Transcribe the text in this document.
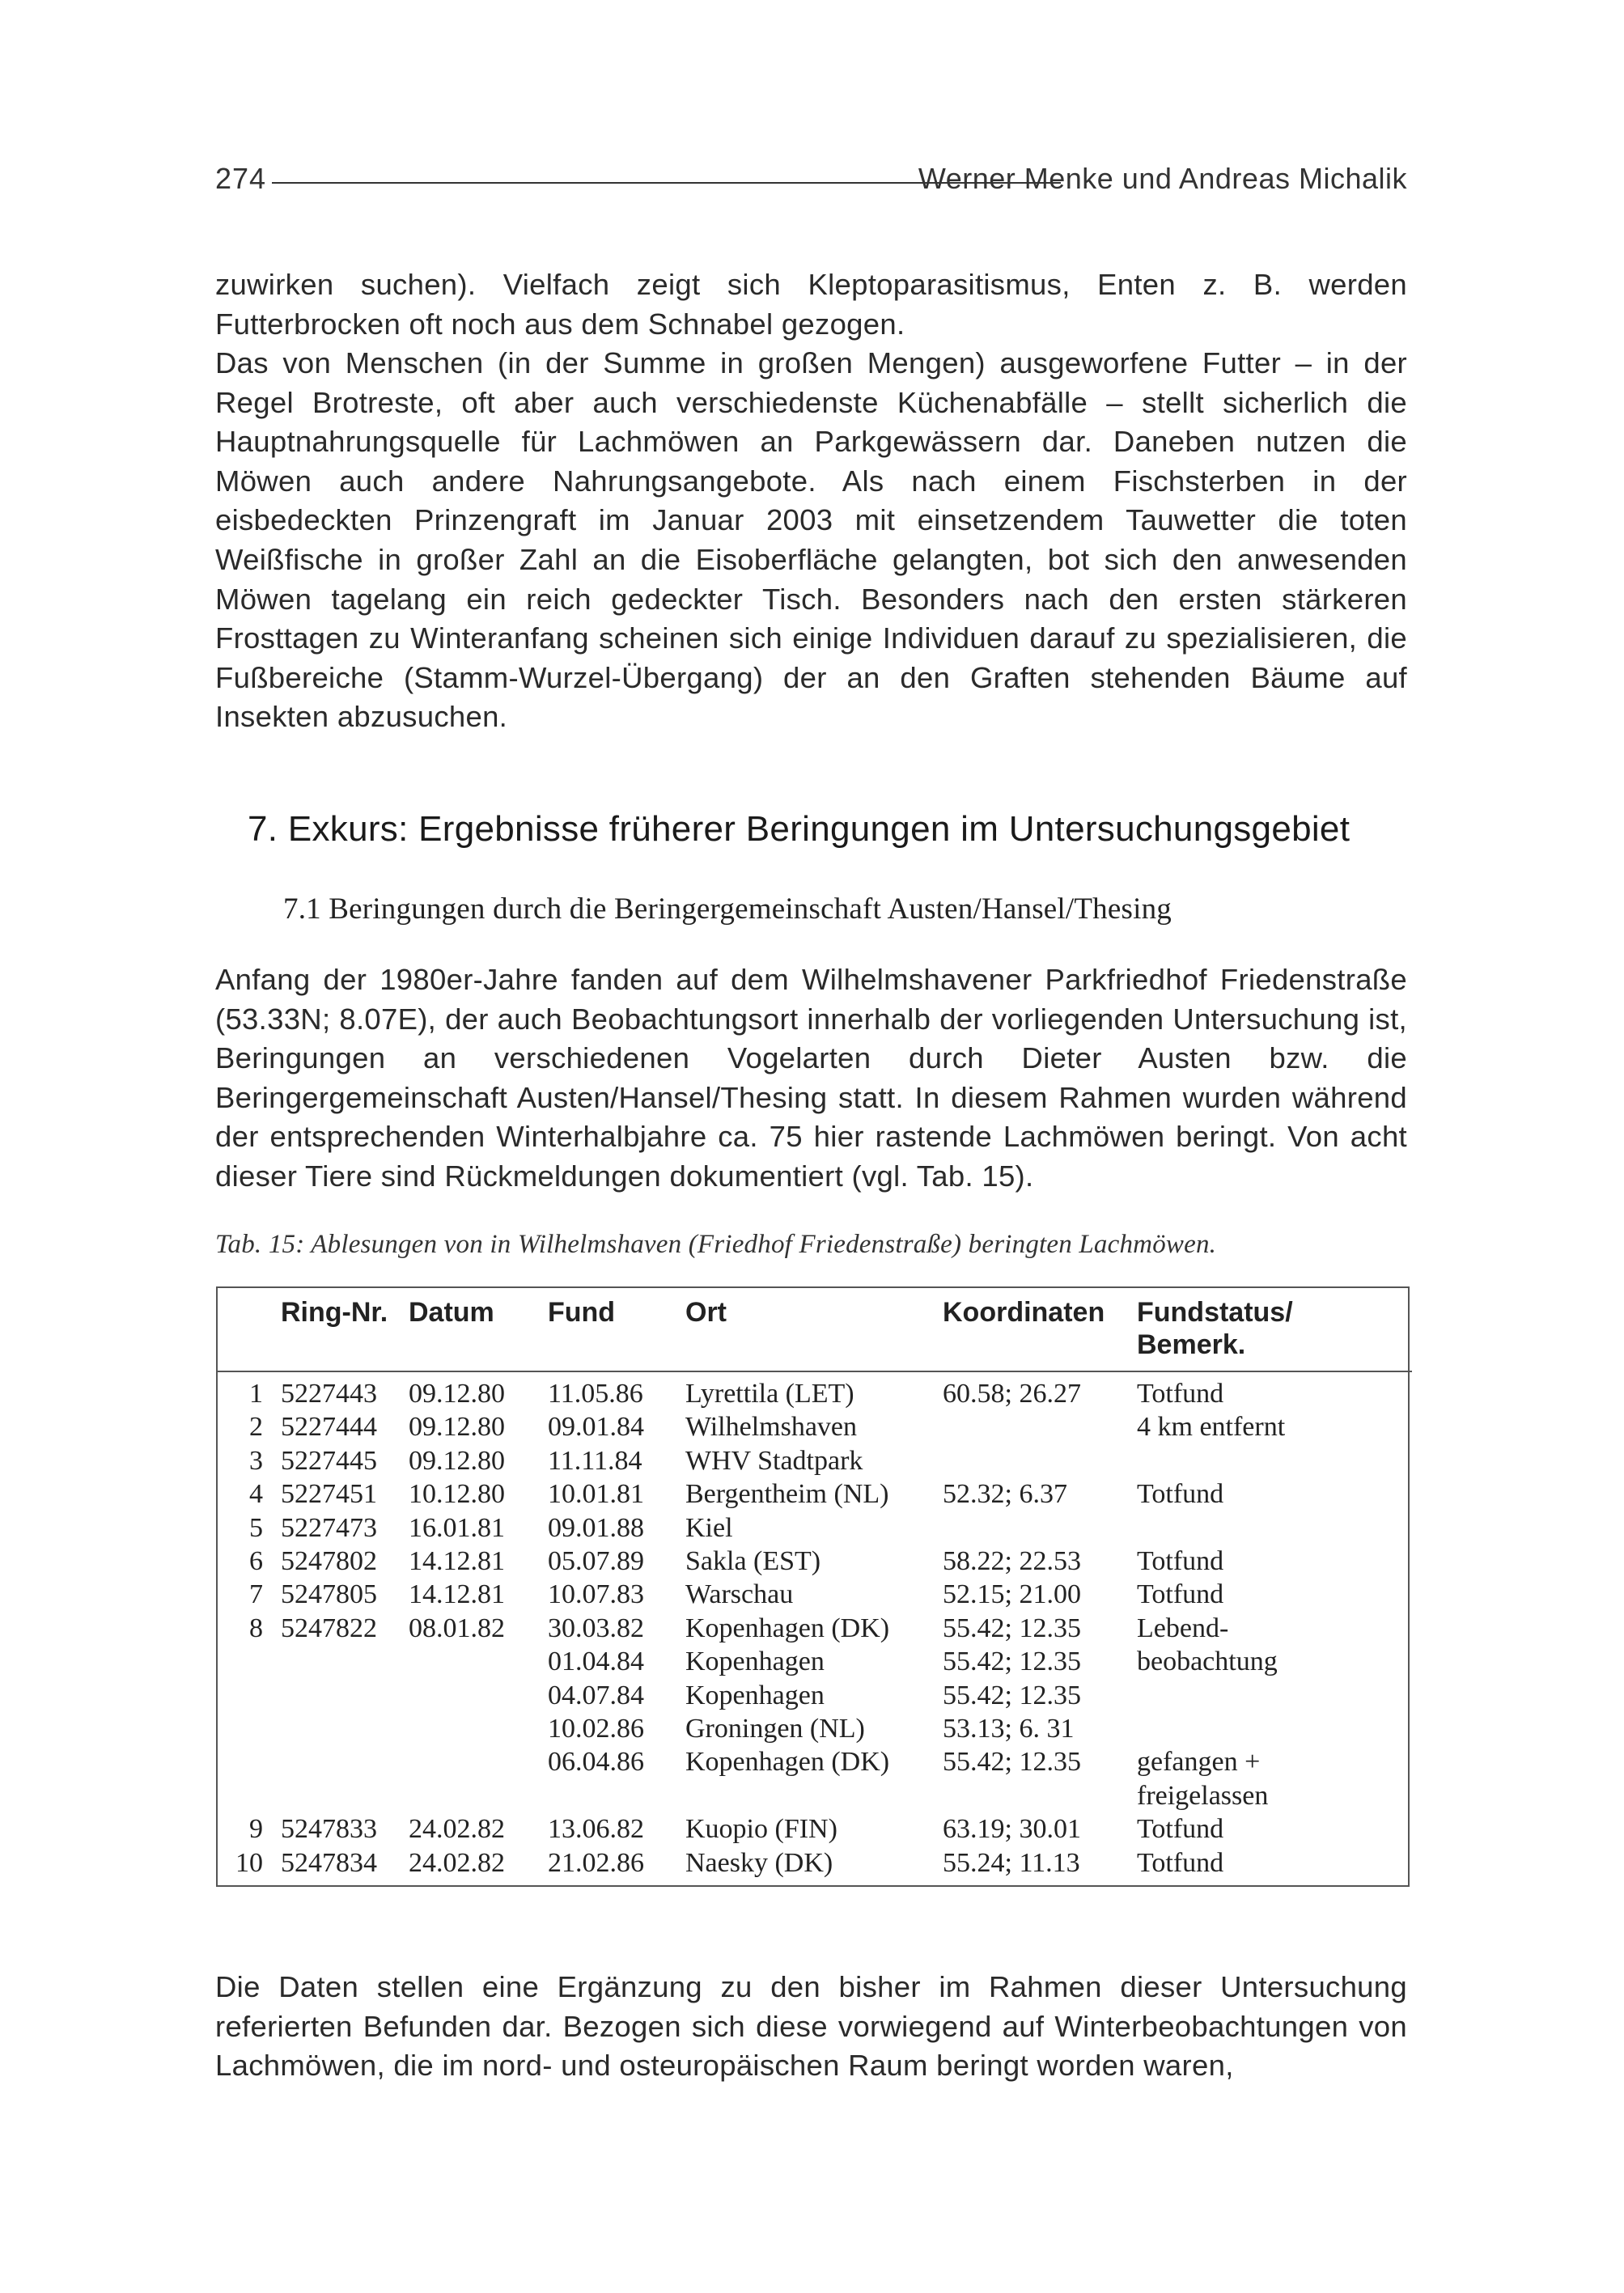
274	Werner Menke und Andreas Michalik

zuwirken suchen). Vielfach zeigt sich Kleptoparasitismus, Enten z. B. werden Futterbrocken oft noch aus dem Schnabel gezogen.

Das von Menschen (in der Summe in großen Mengen) ausgeworfene Futter – in der Regel Brotreste, oft aber auch verschiedenste Küchenabfälle – stellt sicherlich die Hauptnahrungsquelle für Lachmöwen an Parkgewässern dar. Daneben nutzen die Möwen auch andere Nahrungsangebote. Als nach einem Fischsterben in der eisbedeckten Prinzengraft im Januar 2003 mit einsetzendem Tauwetter die toten Weißfische in großer Zahl an die Eisoberfläche gelangten, bot sich den anwesenden Möwen tagelang ein reich gedeckter Tisch. Besonders nach den ersten stärkeren Frosttagen zu Winteranfang scheinen sich einige Individuen darauf zu spezialisieren, die Fußbereiche (Stamm-Wurzel-Übergang) der an den Graften stehenden Bäume auf Insekten abzusuchen.

7. Exkurs: Ergebnisse früherer Beringungen im Untersuchungsgebiet
7.1 Beringungen durch die Beringergemeinschaft Austen/Hansel/Thesing

Anfang der 1980er-Jahre fanden auf dem Wilhelmshavener Parkfriedhof Friedenstraße (53.33N; 8.07E), der auch Beobachtungsort innerhalb der vorliegenden Untersuchung ist, Beringungen an verschiedenen Vogelarten durch Dieter Austen bzw. die Beringergemeinschaft Austen/Hansel/Thesing statt. In diesem Rahmen wurden während der entsprechenden Winterhalbjahre ca. 75 hier rastende Lachmöwen beringt. Von acht dieser Tiere sind Rückmeldungen dokumentiert (vgl. Tab. 15).

Tab. 15: Ablesungen von in Wilhelmshaven (Friedhof Friedenstraße) beringten Lachmöwen.
	Ring-Nr.	Datum	Fund	Ort	Koordinaten	Fundstatus/
						Bemerk.
1	5227443	09.12.80	11.05.86	Lyrettila (LET)	60.58; 26.27	Totfund
2	5227444	09.12.80	09.01.84	Wilhelmshaven		4 km entfernt
3	5227445	09.12.80	11.11.84	WHV Stadtpark		
4	5227451	10.12.80	10.01.81	Bergentheim (NL)	52.32; 6.37	Totfund
5	5227473	16.01.81	09.01.88	Kiel		
6	5247802	14.12.81	05.07.89	Sakla (EST)	58.22; 22.53	Totfund
7	5247805	14.12.81	10.07.83	Warschau	52.15; 21.00	Totfund
8	5247822	08.01.82	30.03.82	Kopenhagen (DK)	55.42; 12.35	Lebend-
			01.04.84	Kopenhagen	55.42; 12.35	beobachtung
			04.07.84	Kopenhagen	55.42; 12.35	
			10.02.86	Groningen (NL)	53.13; 6. 31	
			06.04.86	Kopenhagen (DK)	55.42; 12.35	gefangen +
						freigelassen
9	5247833	24.02.82	13.06.82	Kuopio (FIN)	63.19; 30.01	Totfund
10	5247834	24.02.82	21.02.86	Naesky (DK)	55.24; 11.13	Totfund

Die Daten stellen eine Ergänzung zu den bisher im Rahmen dieser Untersuchung referierten Befunden dar. Bezogen sich diese vorwiegend auf Winterbeobachtungen von Lachmöwen, die im nord- und osteuropäischen Raum beringt worden waren,
